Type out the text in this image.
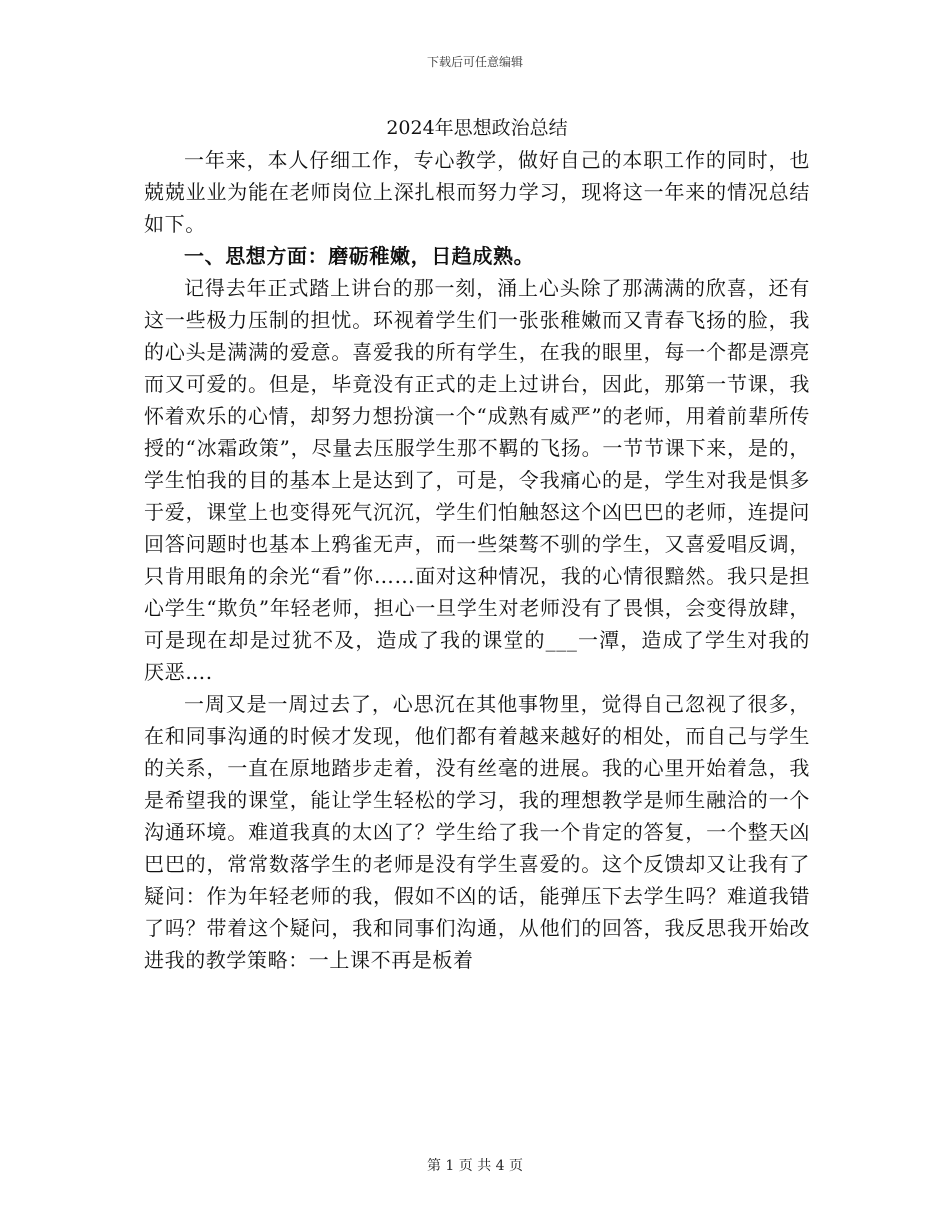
下载后可任意编辑
2024年思想政治总结

一年来，本人仔细工作，专心教学，做好自己的本职工作的同时，也兢兢业业为能在老师岗位上深扎根而努力学习，现将这一年来的情况总结如下。

一、思想方面：磨砺稚嫩，日趋成熟。

记得去年正式踏上讲台的那一刻，涌上心头除了那满满的欣喜，还有这一些极力压制的担忧。环视着学生们一张张稚嫩而又青春飞扬的脸，我的心头是满满的爱意。喜爱我的所有学生，在我的眼里，每一个都是漂亮而又可爱的。但是，毕竟没有正式的走上过讲台，因此，那第一节课，我怀着欢乐的心情，却努力想扮演一个“成熟有威严”的老师，用着前辈所传授的“冰霜政策”，尽量去压服学生那不羁的飞扬。一节节课下来，是的，学生怕我的目的基本上是达到了，可是，令我痛心的是，学生对我是惧多于爱，课堂上也变得死气沉沉，学生们怕触怒这个凶巴巴的老师，连提问回答问题时也基本上鸦雀无声，而一些桀骜不驯的学生，又喜爱唱反调，只肯用眼角的余光“看”你……面对这种情况，我的心情很黯然。我只是担心学生“欺负”年轻老师，担心一旦学生对老师没有了畏惧，会变得放肆，可是现在却是过犹不及，造成了我的课堂的___一潭，造成了学生对我的厌恶….

一周又是一周过去了，心思沉在其他事物里，觉得自己忽视了很多，在和同事沟通的时候才发现，他们都有着越来越好的相处，而自己与学生的关系，一直在原地踏步走着，没有丝毫的进展。我的心里开始着急，我是希望我的课堂，能让学生轻松的学习，我的理想教学是师生融洽的一个沟通环境。难道我真的太凶了？学生给了我一个肯定的答复，一个整天凶巴巴的，常常数落学生的老师是没有学生喜爱的。这个反馈却又让我有了疑问：作为年轻老师的我，假如不凶的话，能弹压下去学生吗？难道我错了吗？带着这个疑问，我和同事们沟通，从他们的回答，我反思我开始改进我的教学策略：一上课不再是板着

第 1 页 共 4 页
